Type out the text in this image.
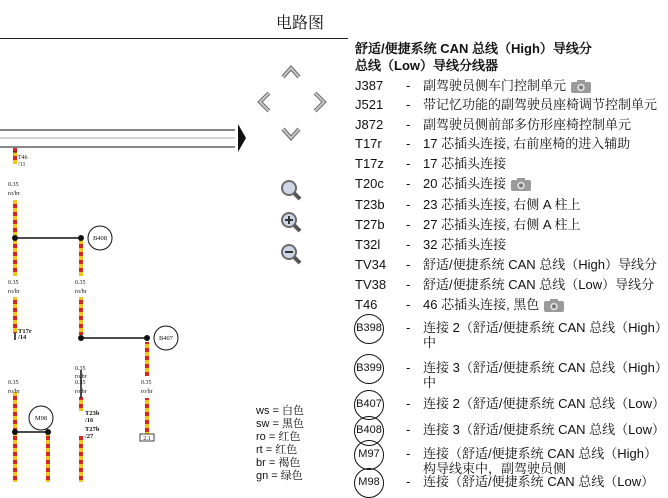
电路图
T46
/11
T17r
/14
T23b
/16
T27b
/27
0.35
ro/br
0.35
ro/br
0.35
ro/br
0.35
ro/br
0.35
ro/br
0.35
ro/br
0.35
ro/br
B408
B407
M98
2.1
ws = 白色
sw = 黑色
ro = 红色
rt = 红色
br = 褐色
gn = 绿色
舒适/便捷系统 CAN 总线（High）导线分
总线（Low）导线分线器
J387 - 副驾驶员侧车门控制单元
J521 - 带记忆功能的副驾驶员座椅调节控制单元
J872 - 副驾驶员侧前部多仿形座椅控制单元
T17r - 17 芯插头连接, 右前座椅的进入辅助
T17z - 17 芯插头连接
T20c - 20 芯插头连接
T23b - 23 芯插头连接, 右侧 A 柱上
T27b - 27 芯插头连接, 右侧 A 柱上
T32l - 32 芯插头连接
TV34 - 舒适/便捷系统 CAN 总线（High）导线分
TV38 - 舒适/便捷系统 CAN 总线（Low）导线分
T46 - 46 芯插头连接, 黑色
B398 - 连接 2（舒适/便捷系统 CAN 总线（High）
中
B399 - 连接 3（舒适/便捷系统 CAN 总线（High）
中
B407 - 连接 2（舒适/便捷系统 CAN 总线（Low）
B408 - 连接 3（舒适/便捷系统 CAN 总线（Low）
M97	- 连接（舒适/便捷系统 CAN 总线（High）
构导线束中，副驾驶员侧
M98	- 连接（舒适/便捷系统 CAN 总线（Low）
